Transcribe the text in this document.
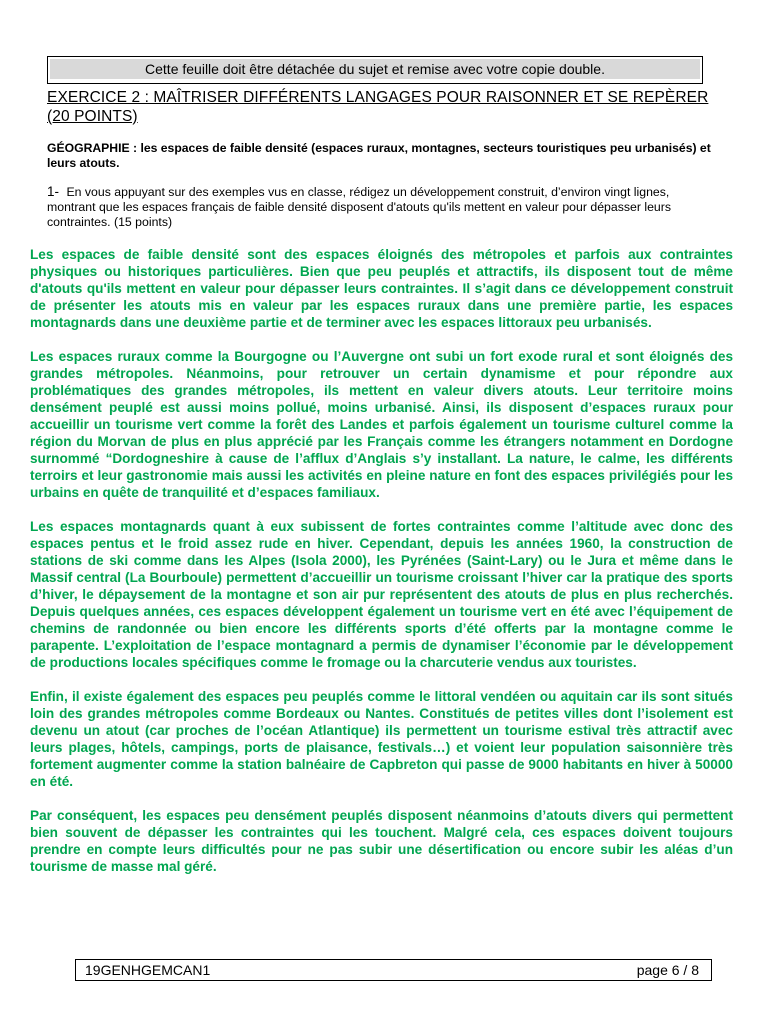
Cette feuille doit être détachée du sujet et remise avec votre copie double.
EXERCICE 2 : MAÎTRISER DIFFÉRENTS LANGAGES POUR RAISONNER ET SE REPÈRER (20 POINTS)
GÉOGRAPHIE : les espaces de faible densité (espaces ruraux, montagnes, secteurs touristiques peu urbanisés) et leurs atouts.
1- En vous appuyant sur des exemples vus en classe, rédigez un développement construit, d’environ vingt lignes, montrant que les espaces français de faible densité disposent d'atouts qu'ils mettent en valeur pour dépasser leurs contraintes. (15 points)

Les espaces de faible densité sont des espaces éloignés des métropoles et parfois aux contraintes physiques ou historiques particulières. Bien que peu peuplés et attractifs, ils disposent tout de même d'atouts qu'ils mettent en valeur pour dépasser leurs contraintes. Il s’agit dans ce développement construit de présenter les atouts mis en valeur par les espaces ruraux dans une première partie, les espaces montagnards dans une deuxième partie et de terminer avec les espaces littoraux peu urbanisés.

Les espaces ruraux comme la Bourgogne ou l’Auvergne ont subi un fort exode rural et sont éloignés des grandes métropoles. Néanmoins, pour retrouver un certain dynamisme et pour répondre aux problématiques des grandes métropoles, ils mettent en valeur divers atouts. Leur territoire moins densément peuplé est aussi moins pollué, moins urbanisé. Ainsi, ils disposent d’espaces ruraux pour accueillir un tourisme vert comme la forêt des Landes et parfois également un tourisme culturel comme la région du Morvan de plus en plus apprécié par les Français comme les étrangers notamment en Dordogne surnommé “Dordogneshire à cause de l’afflux d’Anglais s’y installant. La nature, le calme, les différents terroirs et leur gastronomie mais aussi les activités en pleine nature en font des espaces privilégiés pour les urbains en quête de tranquilité et d’espaces familiaux.

Les espaces montagnards quant à eux subissent de fortes contraintes comme l’altitude avec donc des espaces pentus et le froid assez rude en hiver. Cependant, depuis les années 1960, la construction de stations de ski comme dans les Alpes (Isola 2000), les Pyrénées (Saint-Lary) ou le Jura et même dans le Massif central (La Bourboule) permettent d’accueillir un tourisme croissant l’hiver car la pratique des sports d’hiver, le dépaysement de la montagne et son air pur représentent des atouts de plus en plus recherchés. Depuis quelques années, ces espaces développent également un tourisme vert en été avec l’équipement de chemins de randonnée ou bien encore les différents sports d’été offerts par la montagne comme le parapente. L’exploitation de l’espace montagnard a permis de dynamiser l’économie par le développement de productions locales spécifiques comme le fromage ou la charcuterie vendus aux touristes.

Enfin, il existe également des espaces peu peuplés comme le littoral vendéen ou aquitain car ils sont situés loin des grandes métropoles comme Bordeaux ou Nantes. Constitués de petites villes dont l’isolement est devenu un atout (car proches de l’océan Atlantique) ils permettent un tourisme estival très attractif avec leurs plages, hôtels, campings, ports de plaisance, festivals…) et voient leur population saisonnière très fortement augmenter comme la station balnéaire de Capbreton qui passe de 9000 habitants en hiver à 50000 en été.

Par conséquent, les espaces peu densément peuplés disposent néanmoins d’atouts divers qui permettent bien souvent de dépasser les contraintes qui les touchent. Malgré cela, ces espaces doivent toujours prendre en compte leurs difficultés pour ne pas subir une désertification ou encore subir les aléas d’un tourisme de masse mal géré.

19GENHGEMCAN1	page 6 / 8
